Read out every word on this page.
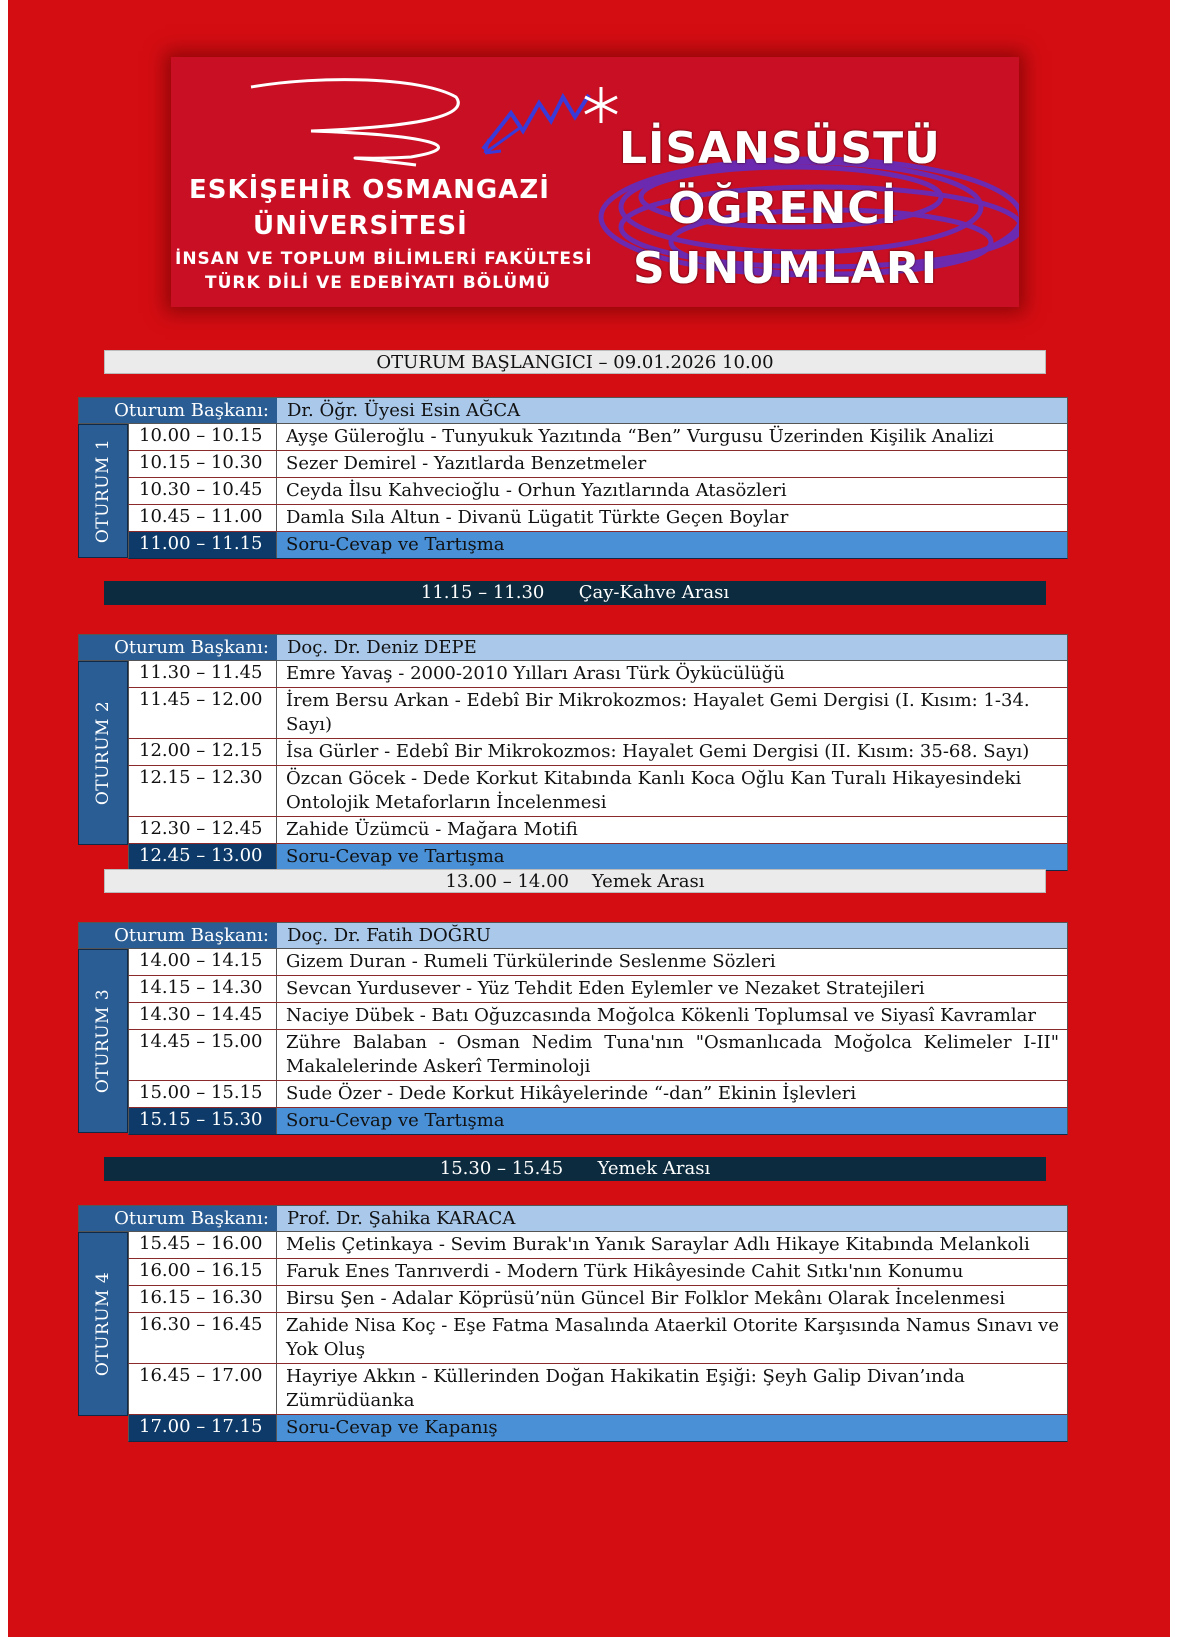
ESKİŞEHİR OSMANGAZİ
ÜNİVERSİTESİ
İNSAN VE TOPLUM BİLİMLERİ FAKÜLTESİ
TÜRK DİLİ VE EDEBİYATI BÖLÜMÜ
LİSANSÜSTÜ
ÖĞRENCİ
SUNUMLARI
OTURUM BAŞLANGICI – 09.01.2026 10.00
Oturum Başkanı:	Dr. Öğr. Üyesi Esin AĞCA
OTURUM 1
10.00 – 10.15	Ayşe Güleroğlu - Tunyukuk Yazıtında “Ben” Vurgusu Üzerinden Kişilik Analizi
10.15 – 10.30	Sezer Demirel - Yazıtlarda Benzetmeler
10.30 – 10.45	Ceyda İlsu Kahvecioğlu - Orhun Yazıtlarında Atasözleri
10.45 – 11.00	Damla Sıla Altun - Divanü Lügatit Türkte Geçen Boylar
11.00 – 11.15	Soru-Cevap ve Tartışma
11.15 – 11.30      Çay-Kahve Arası
Oturum Başkanı:	Doç. Dr. Deniz DEPE
OTURUM 2
11.30 – 11.45	Emre Yavaş - 2000-2010 Yılları Arası Türk Öykücülüğü
11.45 – 12.00	İrem Bersu Arkan - Edebî Bir Mikrokozmos: Hayalet Gemi Dergisi (I. Kısım: 1-34. Sayı)
12.00 – 12.15	İsa Gürler - Edebî Bir Mikrokozmos: Hayalet Gemi Dergisi (II. Kısım: 35-68. Sayı)
12.15 – 12.30	Özcan Göcek - Dede Korkut Kitabında Kanlı Koca Oğlu Kan Turalı Hikayesindeki Ontolojik Metaforların İncelenmesi
12.30 – 12.45	Zahide Üzümcü - Mağara Motifi
12.45 – 13.00	Soru-Cevap ve Tartışma
13.00 – 14.00    Yemek Arası
Oturum Başkanı:	Doç. Dr. Fatih DOĞRU
OTURUM 3
14.00 – 14.15	Gizem Duran - Rumeli Türkülerinde Seslenme Sözleri
14.15 – 14.30	Sevcan Yurdusever - Yüz Tehdit Eden Eylemler ve Nezaket Stratejileri
14.30 – 14.45	Naciye Dübek - Batı Oğuzcasında Moğolca Kökenli Toplumsal ve Siyasî Kavramlar
14.45 – 15.00	Zühre Balaban - Osman Nedim Tuna'nın "Osmanlıcada Moğolca Kelimeler I-II" Makalelerinde Askerî Terminoloji
15.00 – 15.15	Sude Özer - Dede Korkut Hikâyelerinde “-dan” Ekinin İşlevleri
15.15 – 15.30	Soru-Cevap ve Tartışma
15.30 – 15.45      Yemek Arası
Oturum Başkanı:	Prof. Dr. Şahika KARACA
OTURUM 4
15.45 – 16.00	Melis Çetinkaya - Sevim Burak'ın Yanık Saraylar Adlı Hikaye Kitabında Melankoli
16.00 – 16.15	Faruk Enes Tanrıverdi - Modern Türk Hikâyesinde Cahit Sıtkı'nın Konumu
16.15 – 16.30	Birsu Şen - Adalar Köprüsü’nün Güncel Bir Folklor Mekânı Olarak İncelenmesi
16.30 – 16.45	Zahide Nisa Koç - Eşe Fatma Masalında Ataerkil Otorite Karşısında Namus Sınavı ve Yok Oluş
16.45 – 17.00	Hayriye Akkın - Küllerinden Doğan Hakikatin Eşiği: Şeyh Galip Divan’ında Zümrüdüanka
17.00 – 17.15	Soru-Cevap ve Kapanış
